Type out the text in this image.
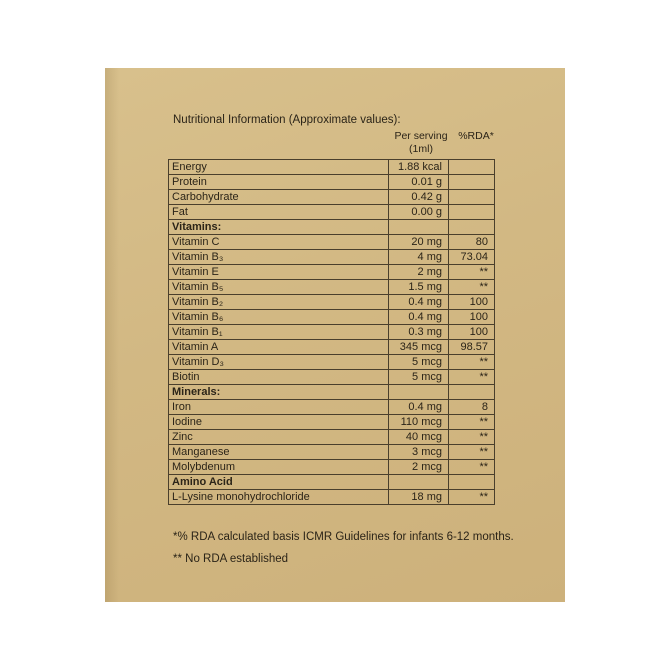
Nutritional Information (Approximate values):
Per serving (1ml)
%RDA*
Energy	1.88 kcal	
Protein	0.01 g	
Carbohydrate	0.42 g	
Fat	0.00 g	
Vitamins:		
Vitamin C	20 mg	80
Vitamin B₃	4 mg	73.04
Vitamin E	2 mg	**
Vitamin B₅	1.5 mg	**
Vitamin B₂	0.4 mg	100
Vitamin B₆	0.4 mg	100
Vitamin B₁	0.3 mg	100
Vitamin A	345 mcg	98.57
Vitamin D₃	5 mcg	**
Biotin	5 mcg	**
Minerals:		
Iron	0.4 mg	8
Iodine	110 mcg	**
Zinc	40 mcg	**
Manganese	3 mcg	**
Molybdenum	2 mcg	**
Amino Acid		
L-Lysine monohydrochloride	18 mg	**
*% RDA calculated basis ICMR Guidelines for infants 6-12 months.
** No RDA established
